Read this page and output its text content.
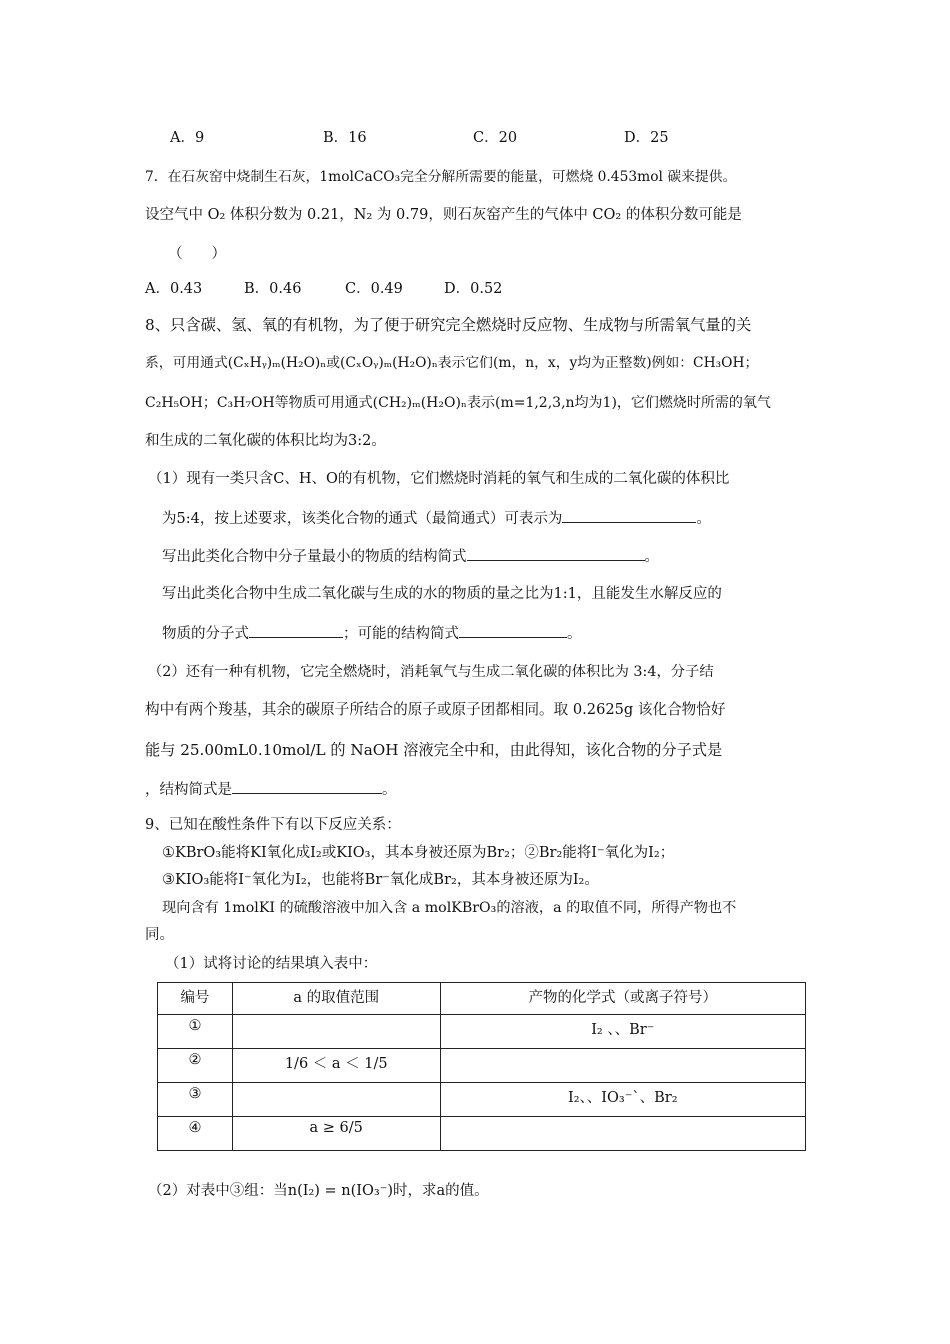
A．9	B．16	C．20	D．25
7．在石灰窑中烧制生石灰，1molCaCO₃完全分解所需要的能量，可燃烧 0.453mol 碳来提供。
设空气中 O₂ 体积分数为 0.21，N₂ 为 0.79，则石灰窑产生的气体中 CO₂ 的体积分数可能是
（　　）
A．0.43	B．0.46	C．0.49	D．0.52
8、只含碳、氢、氧的有机物，为了便于研究完全燃烧时反应物、生成物与所需氧气量的关
系，可用通式(CₓHᵧ)ₘ(H₂O)ₙ或(CₓOᵧ)ₘ(H₂O)ₙ表示它们(m，n，x，y均为正整数)例如：CH₃OH；
C₂H₅OH；C₃H₇OH等物质可用通式(CH₂)ₘ(H₂O)ₙ表示(m=1,2,3,n均为1)，它们燃烧时所需的氧气
和生成的二氧化碳的体积比均为3:2。
（1）现有一类只含C、H、O的有机物，它们燃烧时消耗的氧气和生成的二氧化碳的体积比
为5:4，按上述要求，该类化合物的通式（最简通式）可表示为	。
写出此类化合物中分子量最小的物质的结构简式	。
写出此类化合物中生成二氧化碳与生成的水的物质的量之比为1:1，且能发生水解反应的
物质的分子式	；可能的结构简式	。
（2）还有一种有机物，它完全燃烧时，消耗氧气与生成二氧化碳的体积比为 3:4，分子结
构中有两个羧基，其余的碳原子所结合的原子或原子团都相同。取 0.2625g 该化合物恰好
能与 25.00mL0.10mol/L 的 NaOH 溶液完全中和，由此得知，该化合物的分子式是
，结构简式是	。
9、已知在酸性条件下有以下反应关系：
①KBrO₃能将KI氧化成I₂或KIO₃，其本身被还原为Br₂；②Br₂能将I⁻氧化为I₂；
③KIO₃能将I⁻氧化为I₂，也能将Br⁻氧化成Br₂，其本身被还原为I₂。
现向含有 1molKI 的硫酸溶液中加入含 a molKBrO₃的溶液，a 的取值不同，所得产物也不
同。
（1）试将讨论的结果填入表中：
编号	a 的取值范围	产物的化学式（或离子符号）
①		I₂ 、、Br⁻
②	1/6 ＜ a ＜ 1/5	
③		I₂、、IO₃⁻ˋ、Br₂
④	a ≥ 6/5	
（2）对表中③组：当n(I₂) = n(IO₃⁻)时，求a的值。
